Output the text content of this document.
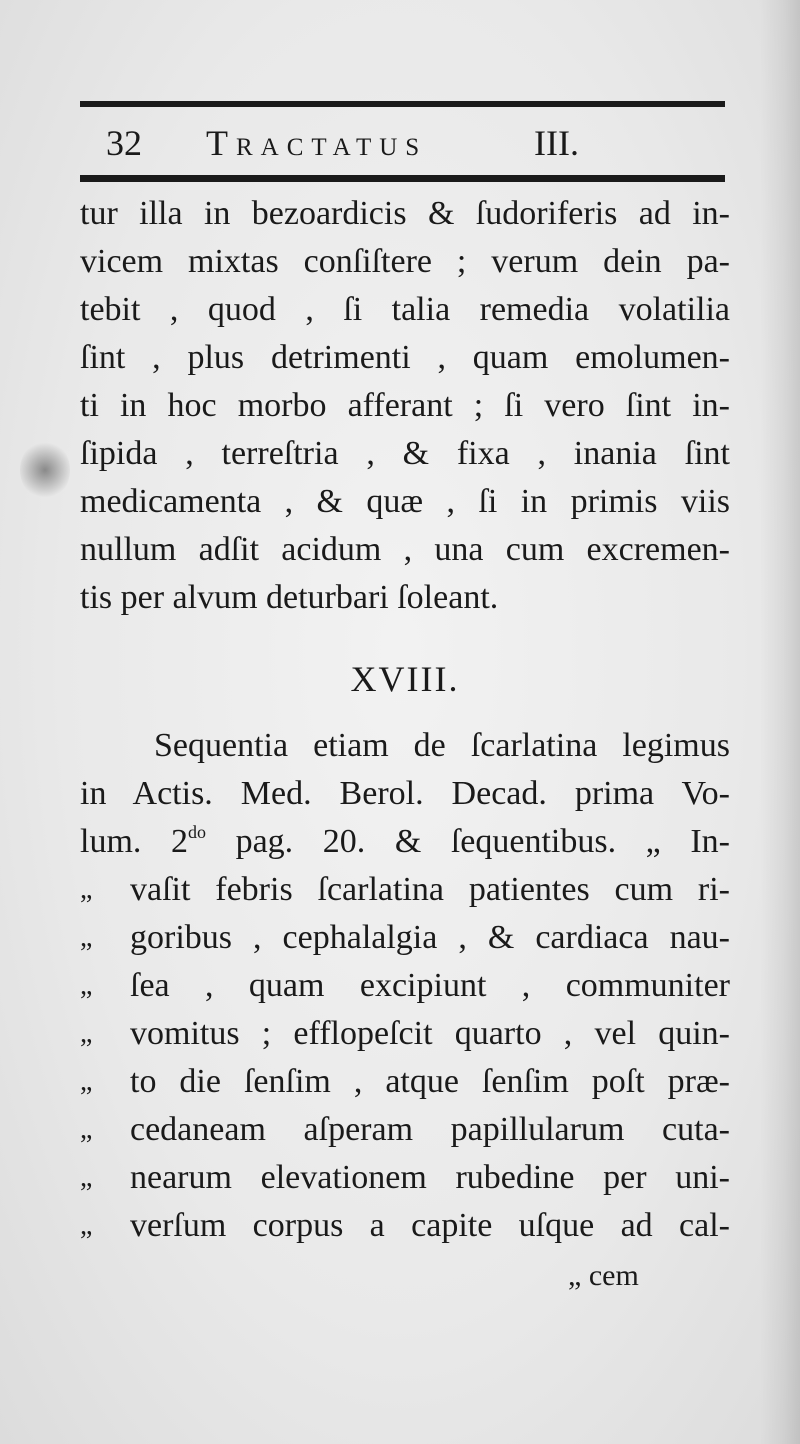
32 Tractatus	III.
tur illa in bezoardicis & ſudoriferis ad in-
vicem mixtas conſiſtere ; verum dein pa-
tebit , quod , ſi talia remedia volatilia
ſint , plus detrimenti , quam emolumen-
ti in hoc morbo afferant ; ſi vero ſint in-
ſipida , terreſtria , & fixa , inania ſint
medicamenta , & quæ , ſi in primis viis
nullum adſit acidum , una cum excremen-
tis per alvum deturbari ſoleant.
XVIII.
Sequentia etiam de ſcarlatina legimus
in Actis. Med. Berol. Decad. prima Vo-
lum. $2^{do}$ pag. 20. & ſequentibus. „ In-
„	vaſit febris ſcarlatina patientes cum ri-
„	goribus , cephalalgia , & cardiaca nau-
„	ſea , quam excipiunt , communiter
„	vomitus ; efflореſcit quarto , vel quin-
„	to die ſenſim , atque ſenſim poſt præ-
„	cedaneam aſperam papillularum cuta-
„	nearum elevationem rubedine per uni-
„	verſum corpus a capite uſque ad cal-
„ cem
